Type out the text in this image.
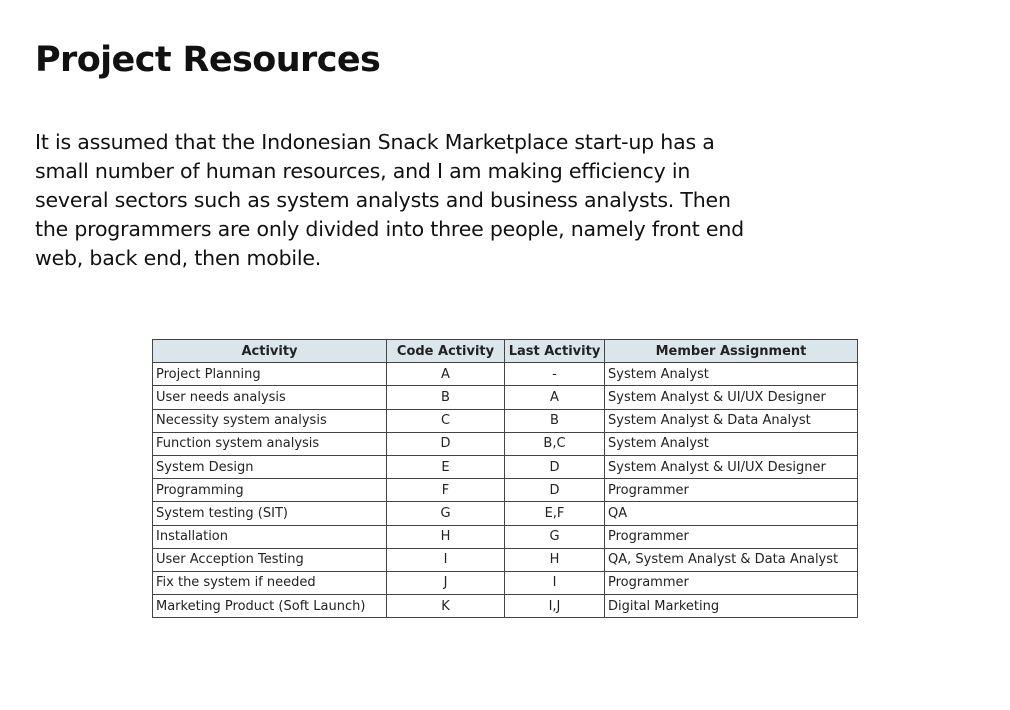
Project Resources

It is assumed that the Indonesian Snack Marketplace start-up has a small number of human resources, and I am making efficiency in several sectors such as system analysts and business analysts. Then the programmers are only divided into three people, namely front end web, back end, then mobile.

Activity	Code Activity	Last Activity	Member Assignment
Project Planning	A	-	System Analyst
User needs analysis	B	A	System Analyst & UI/UX Designer
Necessity system analysis	C	B	System Analyst & Data Analyst
Function system analysis	D	B,C	System Analyst
System Design	E	D	System Analyst & UI/UX Designer
Programming	F	D	Programmer
System testing (SIT)	G	E,F	QA
Installation	H	G	Programmer
User Acception Testing	I	H	QA, System Analyst & Data Analyst
Fix the system if needed	J	I	Programmer
Marketing Product (Soft Launch)	K	I,J	Digital Marketing
